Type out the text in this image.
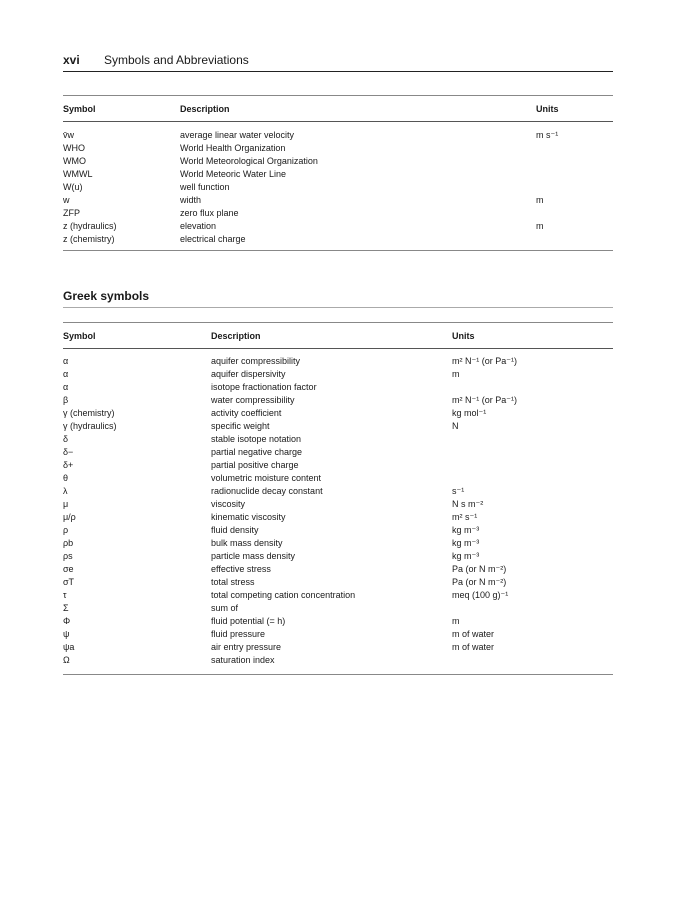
xvi Symbols and Abbreviations
Symbol	Description	Units
v̄w	average linear water velocity	m s⁻¹
WHO	World Health Organization	
WMO	World Meteorological Organization	
WMWL	World Meteoric Water Line	
W(u)	well function	
w	width	m
ZFP	zero flux plane	
z (hydraulics)	elevation	m
z (chemistry)	electrical charge	
Greek symbols
Symbol	Description	Units
α	aquifer compressibility	m² N⁻¹ (or Pa⁻¹)
α	aquifer dispersivity	m
α	isotope fractionation factor	
β	water compressibility	m² N⁻¹ (or Pa⁻¹)
γ (chemistry)	activity coefficient	kg mol⁻¹
γ (hydraulics)	specific weight	N
δ	stable isotope notation	
δ−	partial negative charge	
δ+	partial positive charge	
θ	volumetric moisture content	
λ	radionuclide decay constant	s⁻¹
μ	viscosity	N s m⁻²
μ/ρ	kinematic viscosity	m² s⁻¹
ρ	fluid density	kg m⁻³
ρb	bulk mass density	kg m⁻³
ρs	particle mass density	kg m⁻³
σe	effective stress	Pa (or N m⁻²)
σT	total stress	Pa (or N m⁻²)
τ	total competing cation concentration	meq (100 g)⁻¹
Σ	sum of	
Φ	fluid potential (= h)	m
ψ	fluid pressure	m of water
ψa	air entry pressure	m of water
Ω	saturation index	
